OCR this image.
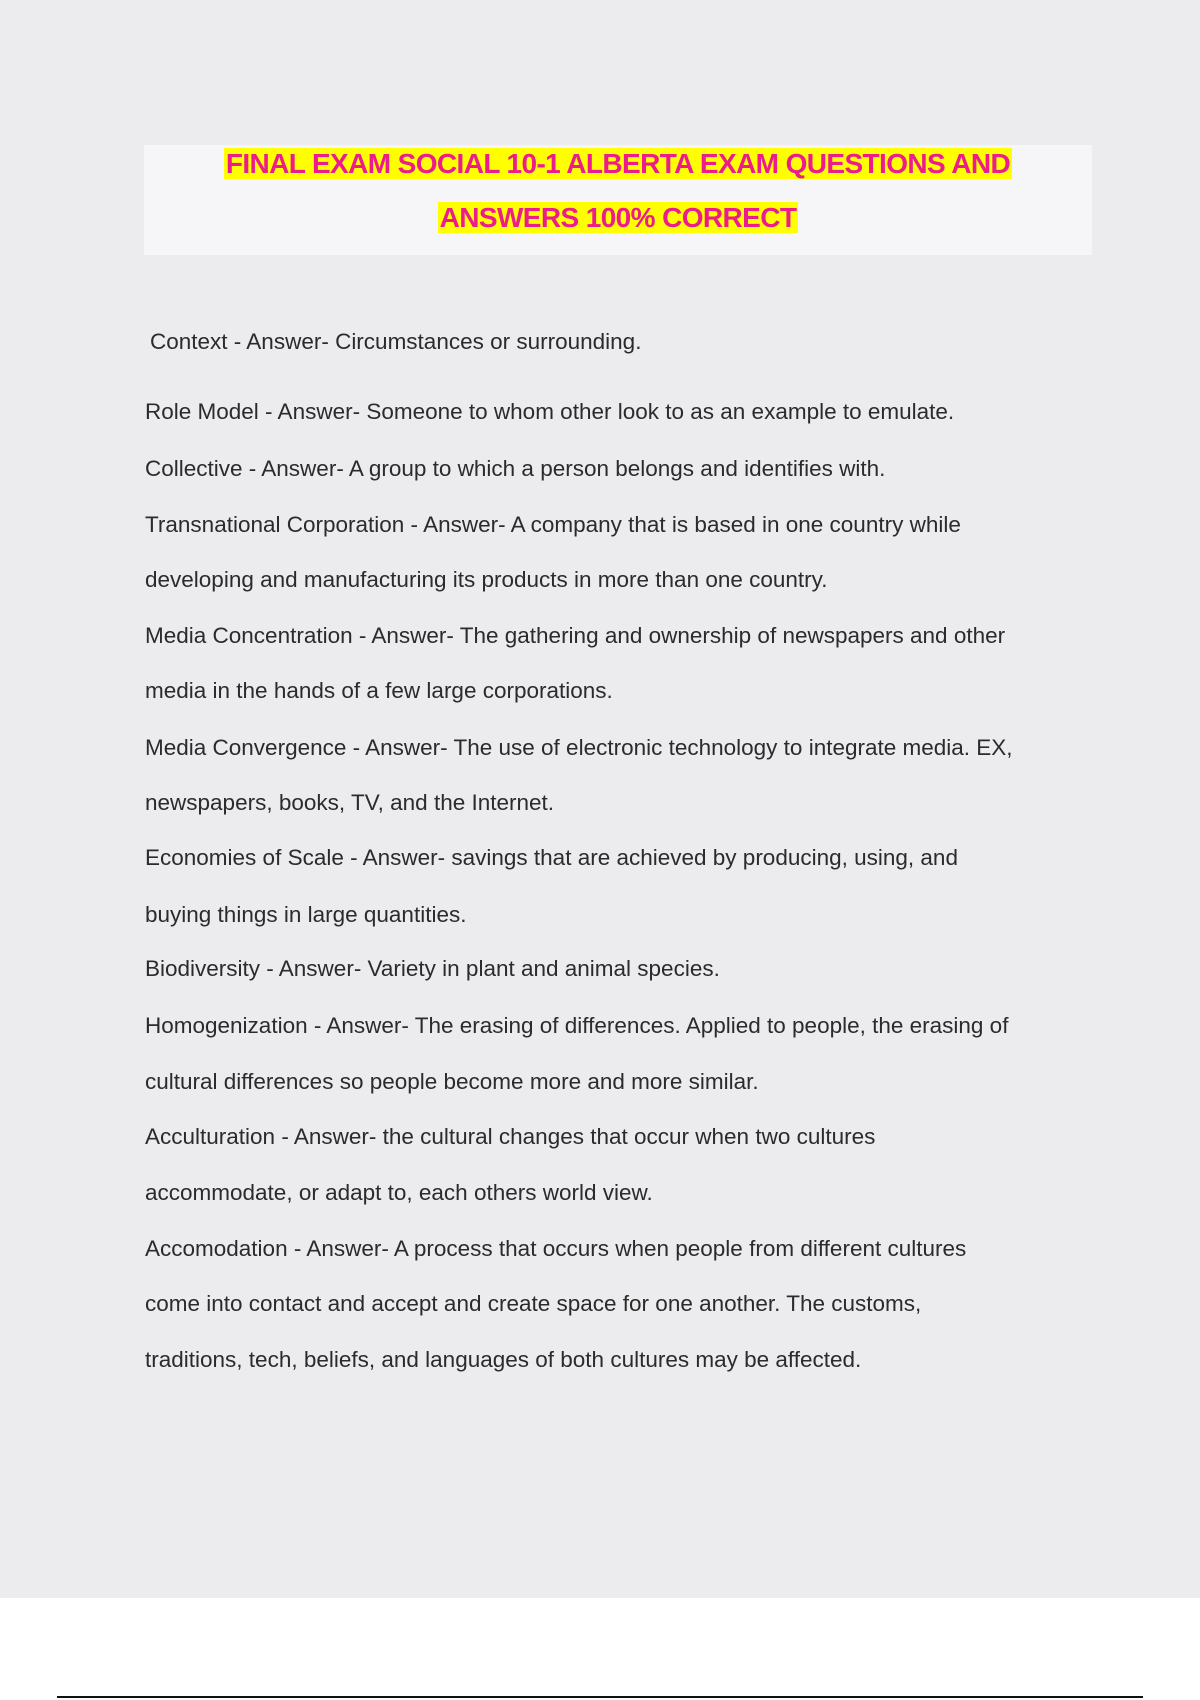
FINAL EXAM SOCIAL 10-1 ALBERTA EXAM QUESTIONS AND
ANSWERS 100% CORRECT
Context - Answer- Circumstances or surrounding.
Role Model - Answer- Someone to whom other look to as an example to emulate.
Collective - Answer- A group to which a person belongs and identifies with.
Transnational Corporation - Answer- A company that is based in one country while
developing and manufacturing its products in more than one country.
Media Concentration - Answer- The gathering and ownership of newspapers and other
media in the hands of a few large corporations.
Media Convergence - Answer- The use of electronic technology to integrate media. EX,
newspapers, books, TV, and the Internet.
Economies of Scale - Answer- savings that are achieved by producing, using, and
buying things in large quantities.
Biodiversity - Answer- Variety in plant and animal species.
Homogenization - Answer- The erasing of differences. Applied to people, the erasing of
cultural differences so people become more and more similar.
Acculturation - Answer- the cultural changes that occur when two cultures
accommodate, or adapt to, each others world view.
Accomodation - Answer- A process that occurs when people from different cultures
come into contact and accept and create space for one another. The customs,
traditions, tech, beliefs, and languages of both cultures may be affected.
